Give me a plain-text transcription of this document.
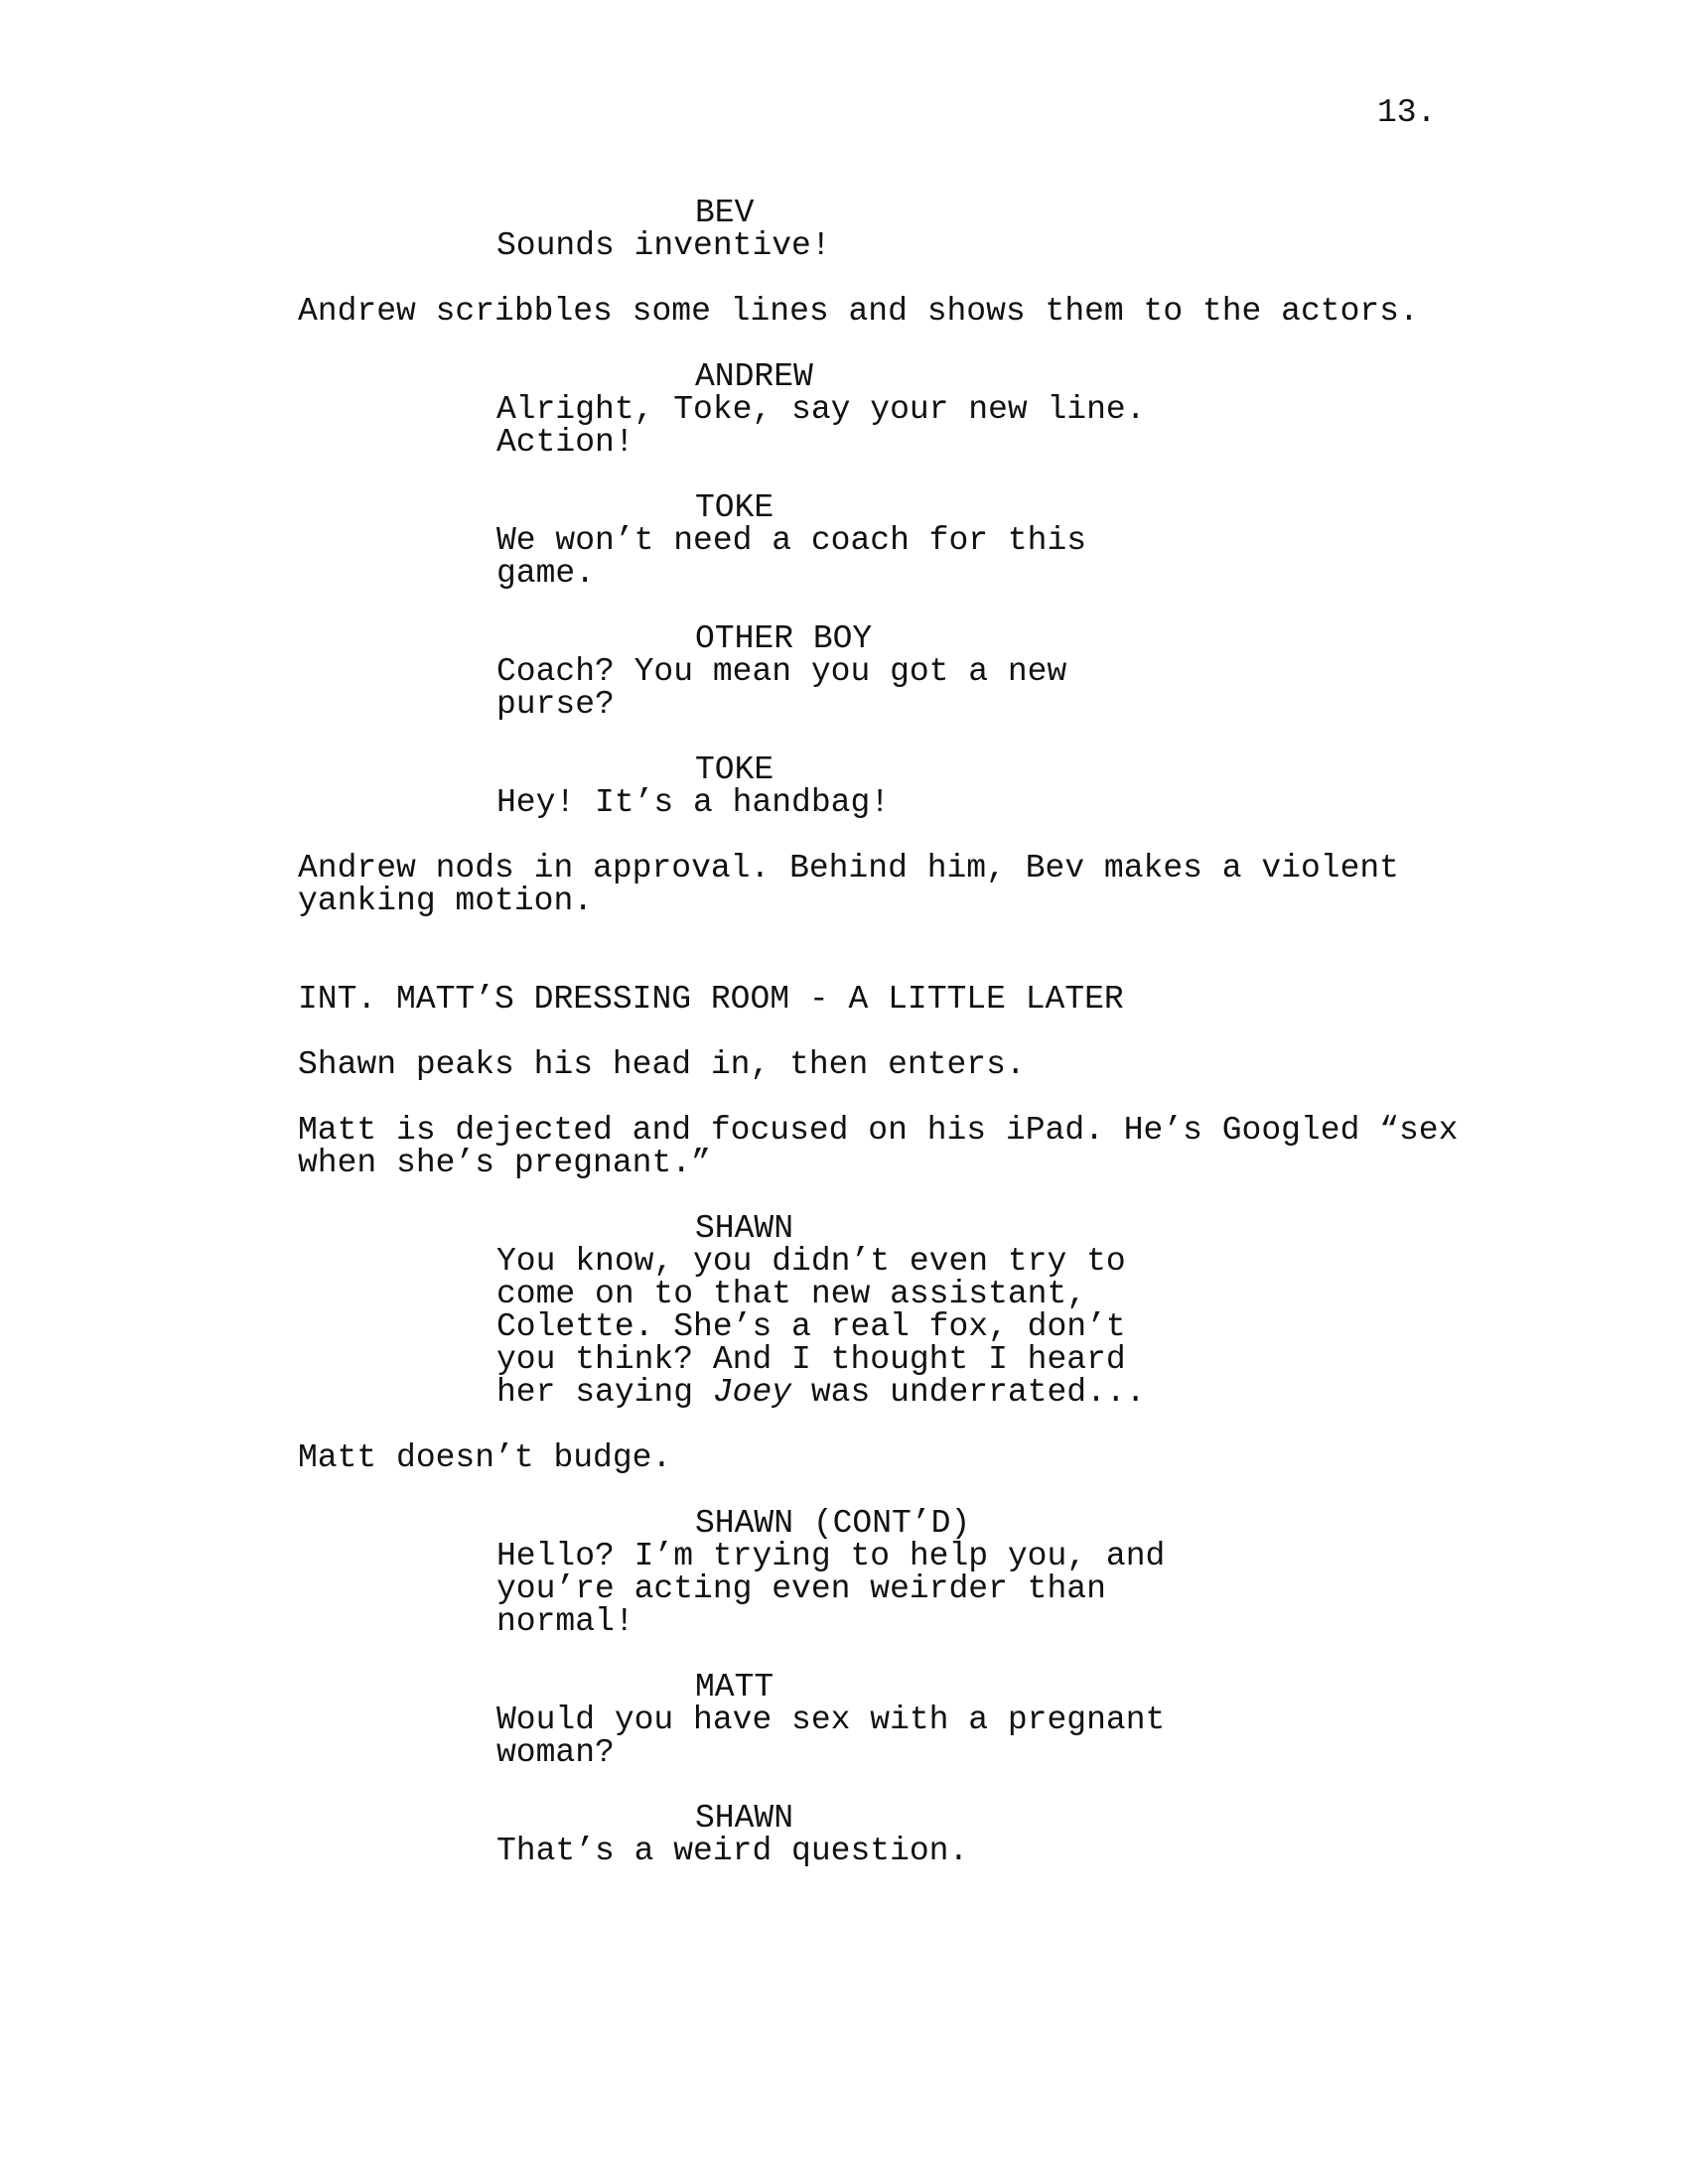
13.
BEV
Sounds inventive!
Andrew scribbles some lines and shows them to the actors.
ANDREW
Alright, Toke, say your new line.
Action!
TOKE
We won’t need a coach for this
game.
OTHER BOY
Coach? You mean you got a new
purse?
TOKE
Hey! It’s a handbag!
Andrew nods in approval. Behind him, Bev makes a violent
yanking motion.
INT. MATT’S DRESSING ROOM - A LITTLE LATER
Shawn peaks his head in, then enters.
Matt is dejected and focused on his iPad. He’s Googled “sex
when she’s pregnant.”
SHAWN
You know, you didn’t even try to
come on to that new assistant,
Colette. She’s a real fox, don’t
you think? And I thought I heard
her saying Joey was underrated...
Matt doesn’t budge.
SHAWN (CONT’D)
Hello? I’m trying to help you, and
you’re acting even weirder than
normal!
MATT
Would you have sex with a pregnant
woman?
SHAWN
That’s a weird question.
